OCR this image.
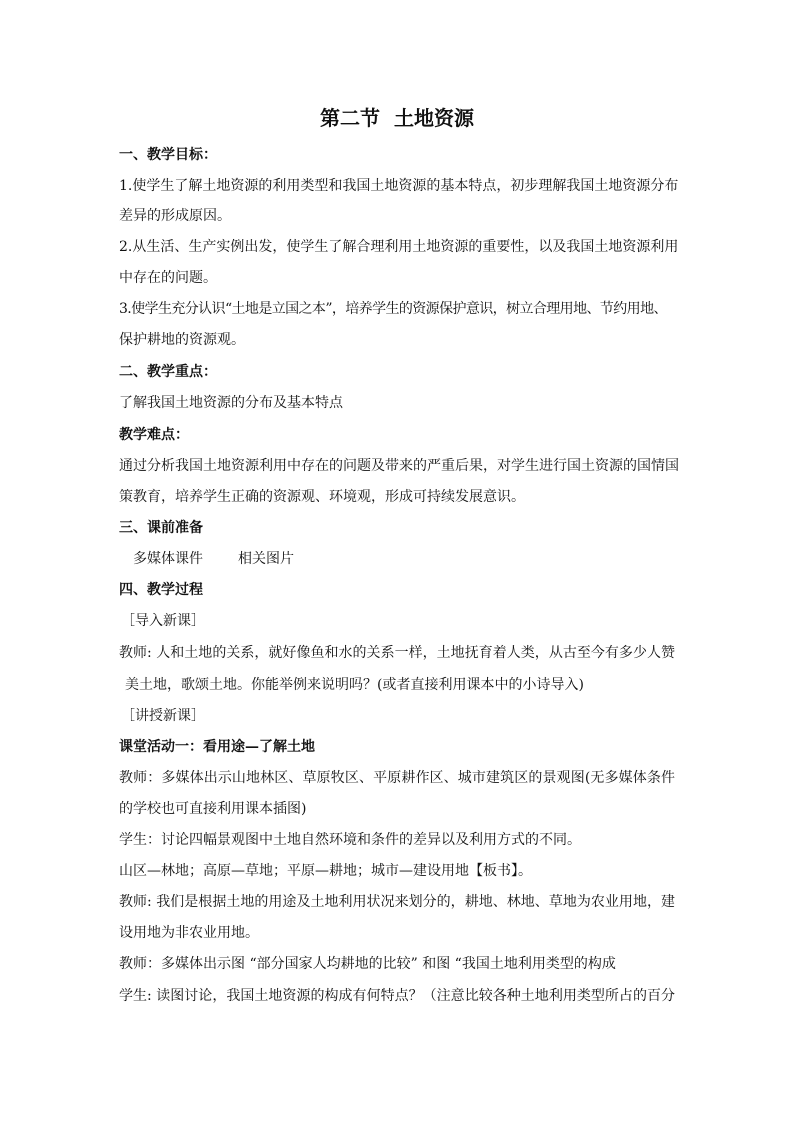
第二节  土地资源
一、教学目标：
1.使学生了解土地资源的利用类型和我国土地资源的基本特点，初步理解我国土地资源分布
差异的形成原因。
2.从生活、生产实例出发，使学生了解合理利用土地资源的重要性，以及我国土地资源利用
中存在的问题。
3.使学生充分认识“土地是立国之本”，培养学生的资源保护意识，树立合理用地、节约用地、
保护耕地的资源观。
二、教学重点：
了解我国土地资源的分布及基本特点
教学难点：
通过分析我国土地资源利用中存在的问题及带来的严重后果，对学生进行国土资源的国情国
策教育，培养学生正确的资源观、环境观，形成可持续发展意识。
三、课前准备
多媒体课件	相关图片
四、教学过程
［导入新课］
教师: 人和土地的关系，就好像鱼和水的关系一样，土地抚育着人类，从古至今有多少人赞
美土地，歌颂土地。你能举例来说明吗？(或者直接利用课本中的小诗导入)
［讲授新课］
课堂活动一：看用途—了解土地
教师：多媒体出示山地林区、草原牧区、平原耕作区、城市建筑区的景观图(无多媒体条件
的学校也可直接利用课本插图)
学生：讨论四幅景观图中土地自然环境和条件的差异以及利用方式的不同。
山区—林地；高原—草地；平原—耕地；城市—建设用地【板书】。
教师: 我们是根据土地的用途及土地利用状况来划分的，耕地、林地、草地为农业用地，建
设用地为非农业用地。
教师：多媒体出示图 “部分国家人均耕地的比较” 和图 “我国土地利用类型的构成
学生: 读图讨论，我国土地资源的构成有何特点？（注意比较各种土地利用类型所占的百分
